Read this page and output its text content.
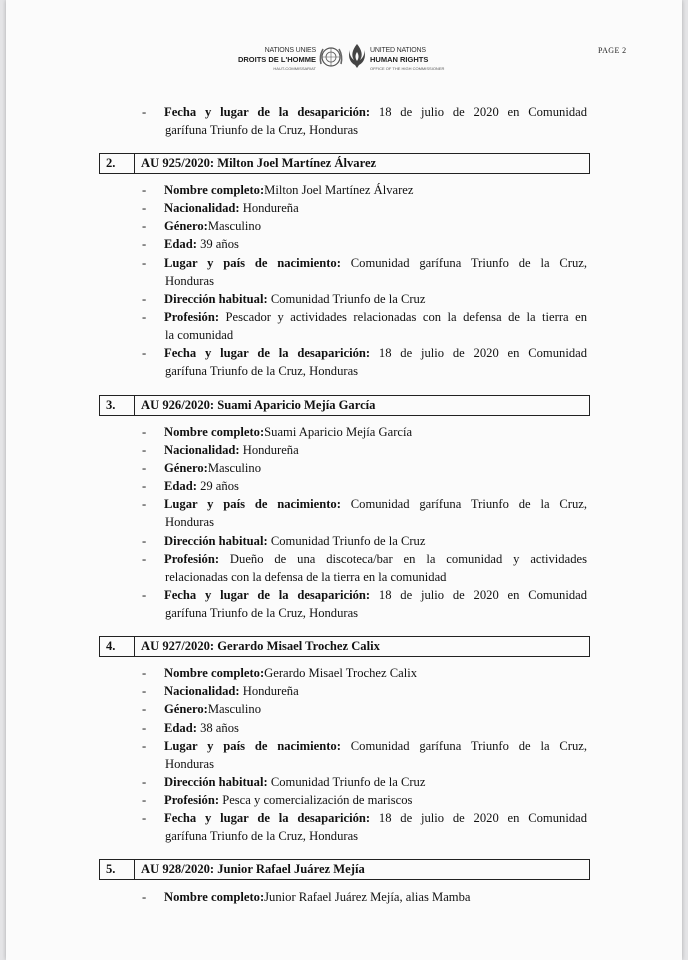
NATIONS UNIES
DROITS DE L'HOMME
HAUT-COMMISSARIAT
UNITED NATIONS
HUMAN RIGHTS
OFFICE OF THE HIGH COMMISSIONER
PAGE 2
- Fecha y lugar de la desaparición: 18 de julio de 2020 en Comunidad
garífuna Triunfo de la Cruz, Honduras
2. AU 925/2020: Milton Joel Martínez Álvarez
- Nombre completo:Milton Joel Martínez Álvarez
- Nacionalidad: Hondureña
- Género:Masculino
- Edad: 39 años
- Lugar y país de nacimiento: Comunidad garífuna Triunfo de la Cruz,
Honduras
- Dirección habitual: Comunidad Triunfo de la Cruz
- Profesión: Pescador y actividades relacionadas con la defensa de la tierra en
la comunidad
- Fecha y lugar de la desaparición: 18 de julio de 2020 en Comunidad
garífuna Triunfo de la Cruz, Honduras
3. AU 926/2020: Suami Aparicio Mejía García
- Nombre completo:Suami Aparicio Mejía García
- Nacionalidad: Hondureña
- Género:Masculino
- Edad: 29 años
- Lugar y país de nacimiento: Comunidad garífuna Triunfo de la Cruz,
Honduras
- Dirección habitual: Comunidad Triunfo de la Cruz
- Profesión: Dueño de una discoteca/bar en la comunidad y actividades
relacionadas con la defensa de la tierra en la comunidad
- Fecha y lugar de la desaparición: 18 de julio de 2020 en Comunidad
garífuna Triunfo de la Cruz, Honduras
4. AU 927/2020: Gerardo Misael Trochez Calix
- Nombre completo:Gerardo Misael Trochez Calix
- Nacionalidad: Hondureña
- Género:Masculino
- Edad: 38 años
- Lugar y país de nacimiento: Comunidad garífuna Triunfo de la Cruz,
Honduras
- Dirección habitual: Comunidad Triunfo de la Cruz
- Profesión: Pesca y comercialización de mariscos
- Fecha y lugar de la desaparición: 18 de julio de 2020 en Comunidad
garífuna Triunfo de la Cruz, Honduras
5. AU 928/2020: Junior Rafael Juárez Mejía
- Nombre completo:Junior Rafael Juárez Mejía, alias Mamba
